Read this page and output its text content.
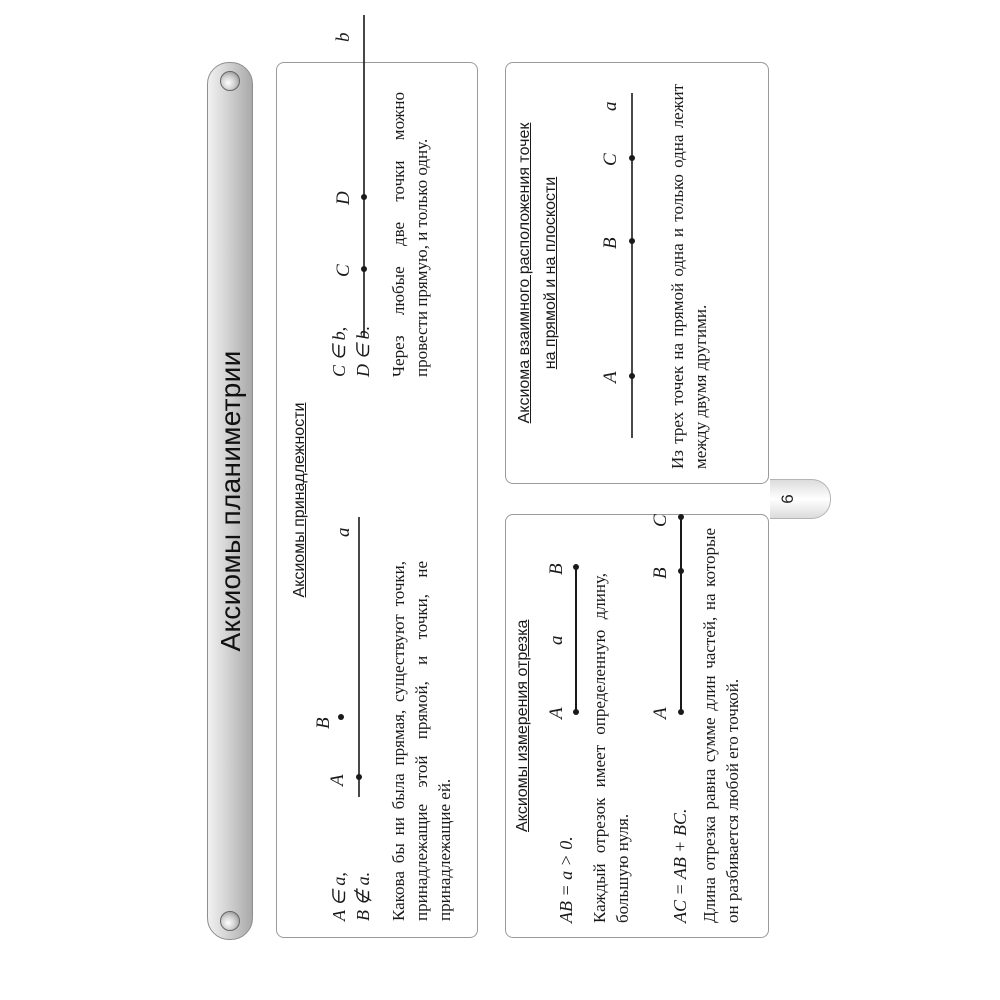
Аксиомы планиметрии	Аксиомы принадлежности
A ∈ a, B ∉ a.
A
B
a
C
D
b
Какова бы ни была прямая, существуют точки, принадлежащие этой прямой, и точки, не принадлежащие ей.
C ∈ b, D ∈ b. Через любые две точки можно провести прямую, и только одну.
Аксиомы измерения отрезка
AB = a > 0. Каждый отрезок имеет определенную длину, большую нуля. AC = AB + BC. Длина отрезка равна сумме длин частей, на которые он разбивается любой его точкой.
A
a
B
A
B
C
Аксиома взаимного расположения точек на прямой и на плоскости
A
B
C
a	Из трех точек на прямой одна и только одна лежит между двумя другими.
6
